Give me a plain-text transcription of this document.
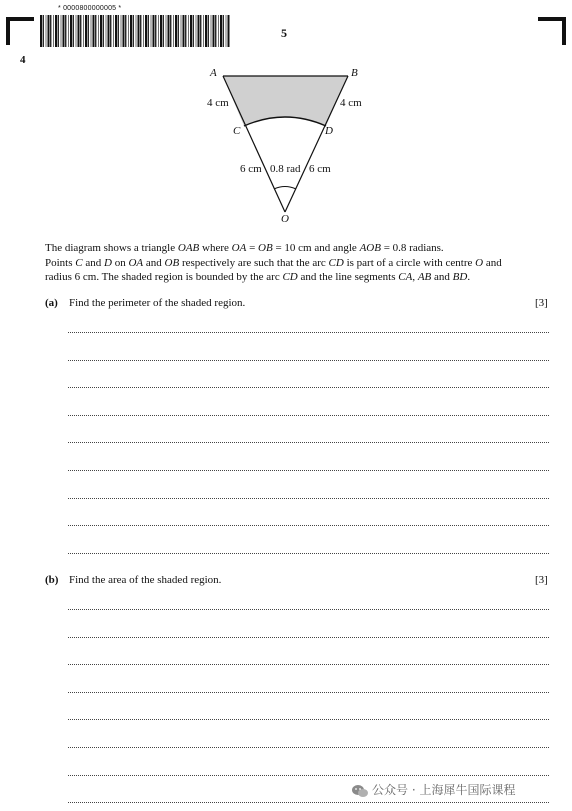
* 0000800000005 *
5
4
A	B
C	D
O
4 cm	4 cm
6 cm	6 cm
0.8 rad
The diagram shows a triangle OAB where OA = OB = 10 cm and angle AOB = 0.8 radians.
Points C and D on OA and OB respectively are such that the arc CD is part of a circle with centre O and
radius 6 cm. The shaded region is bounded by the arc CD and the line segments CA, AB and BD.
(a) Find the perimeter of the shaded region.	[3]
(b) Find the area of the shaded region.	[3]
公众号 · 上海犀牛国际课程
